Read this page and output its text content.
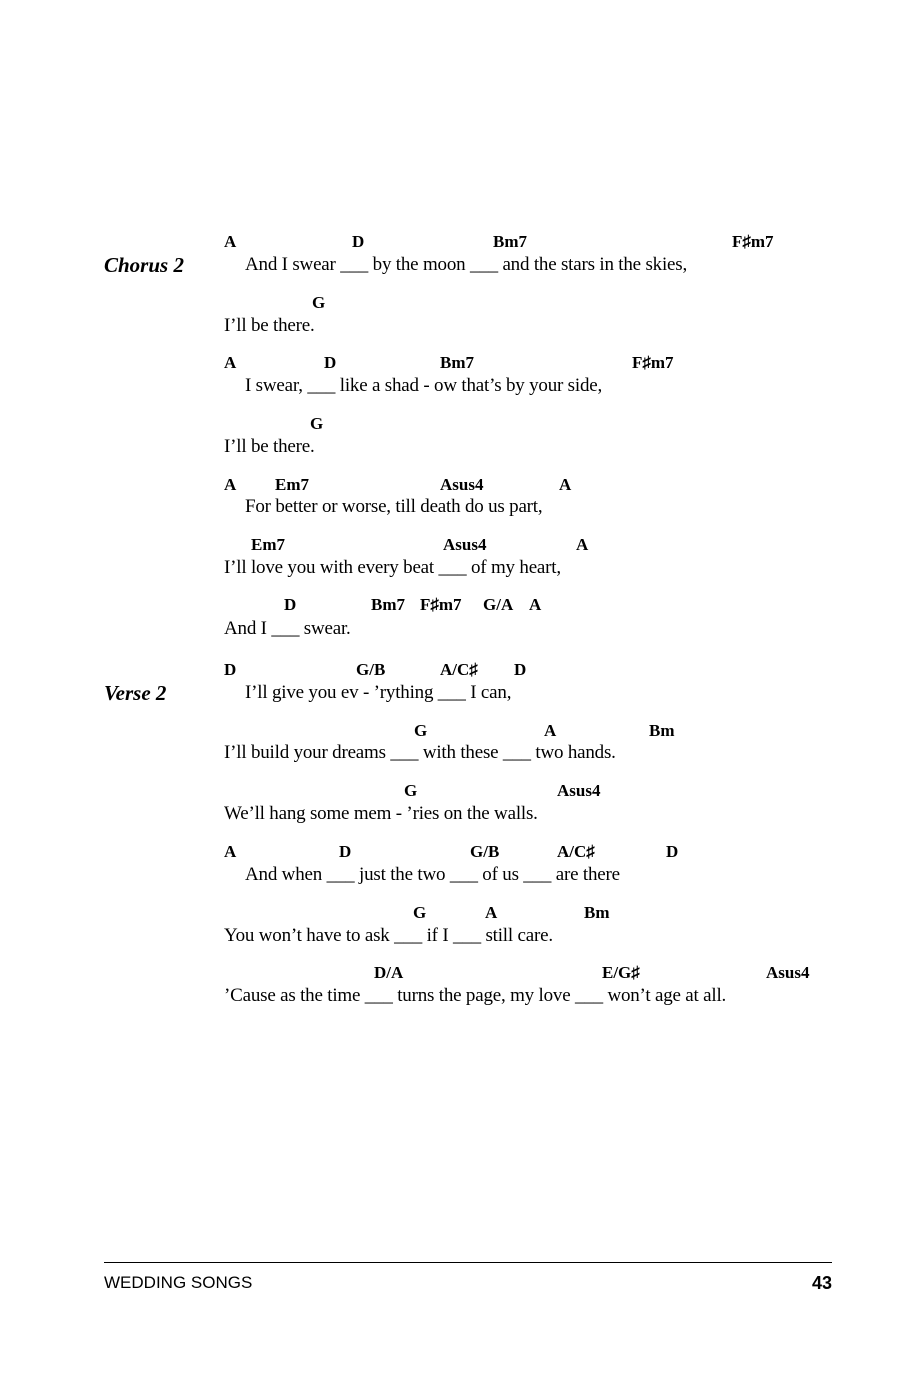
Chorus 2
Verse 2
A	D	Bm7	F♯m7
And I swear ___ by the moon ___ and the stars in the skies,
G
I’ll be there.
A	D	Bm7	F♯m7
I swear, ___ like a shad - ow that’s by your side,
G
I’ll be there.
A Em7	Asus4	A
For better or worse, till death do us part,
Em7	Asus4	A
I’ll love you with every beat ___ of my heart,
D	Bm7 F♯m7 G/A A
And I ___ swear.
D	G/B	A/C♯ D
I’ll give you ev - ’rything ___ I can,
G	A	Bm
I’ll build your dreams ___ with these ___ two hands.
G	Asus4
We’ll hang some mem - ’ries on the walls.
A	D	G/B	A/C♯	D
And when ___ just the two ___ of us ___ are there
G	A	Bm
You won’t have to ask ___ if I ___ still care.
D/A	E/G♯	Asus4
’Cause as the time ___ turns the page, my love ___ won’t age at all.
WEDDING SONGS	43
